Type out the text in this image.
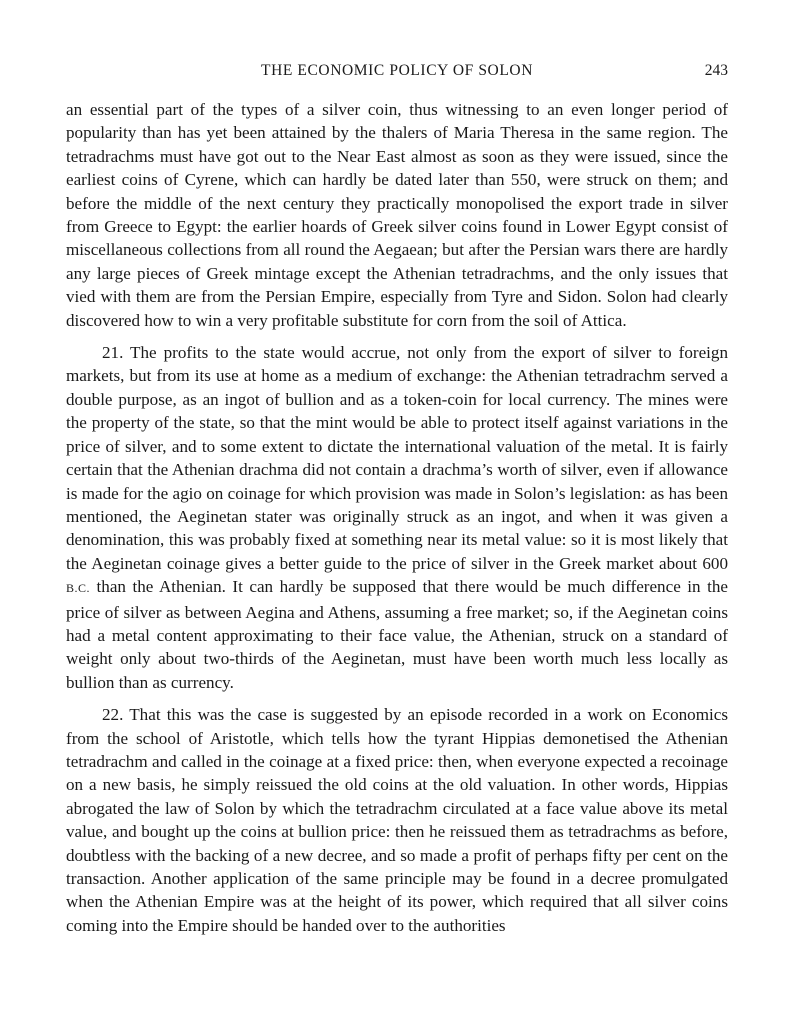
THE ECONOMIC POLICY OF SOLON	243

an essential part of the types of a silver coin, thus witnessing to an even longer period of popularity than has yet been attained by the thalers of Maria Theresa in the same region. The tetradrachms must have got out to the Near East almost as soon as they were issued, since the earliest coins of Cyrene, which can hardly be dated later than 550, were struck on them; and before the middle of the next century they practically monopolised the export trade in silver from Greece to Egypt: the earlier hoards of Greek silver coins found in Lower Egypt consist of miscellaneous collections from all round the Aegaean; but after the Persian wars there are hardly any large pieces of Greek mintage except the Athenian tetradrachms, and the only issues that vied with them are from the Persian Empire, especially from Tyre and Sidon. Solon had clearly discovered how to win a very profitable substitute for corn from the soil of Attica.

21. The profits to the state would accrue, not only from the export of silver to foreign markets, but from its use at home as a medium of exchange: the Athenian tetradrachm served a double purpose, as an ingot of bullion and as a token-coin for local currency. The mines were the property of the state, so that the mint would be able to protect itself against variations in the price of silver, and to some extent to dictate the international valuation of the metal. It is fairly certain that the Athenian drachma did not contain a drachma’s worth of silver, even if allowance is made for the agio on coinage for which provision was made in Solon’s legislation: as has been mentioned, the Aeginetan stater was originally struck as an ingot, and when it was given a denomination, this was probably fixed at something near its metal value: so it is most likely that the Aeginetan coinage gives a better guide to the price of silver in the Greek market about 600 B.C. than the Athenian. It can hardly be supposed that there would be much difference in the price of silver as between Aegina and Athens, assuming a free market; so, if the Aeginetan coins had a metal content approximating to their face value, the Athenian, struck on a standard of weight only about two-thirds of the Aeginetan, must have been worth much less locally as bullion than as currency.

22. That this was the case is suggested by an episode recorded in a work on Economics from the school of Aristotle, which tells how the tyrant Hippias demonetised the Athenian tetradrachm and called in the coinage at a fixed price: then, when everyone expected a recoinage on a new basis, he simply reissued the old coins at the old valuation. In other words, Hippias abrogated the law of Solon by which the tetradrachm circulated at a face value above its metal value, and bought up the coins at bullion price: then he reissued them as tetradrachms as before, doubtless with the backing of a new decree, and so made a profit of perhaps fifty per cent on the transaction. Another application of the same principle may be found in a decree promulgated when the Athenian Empire was at the height of its power, which required that all silver coins coming into the Empire should be handed over to the authorities
